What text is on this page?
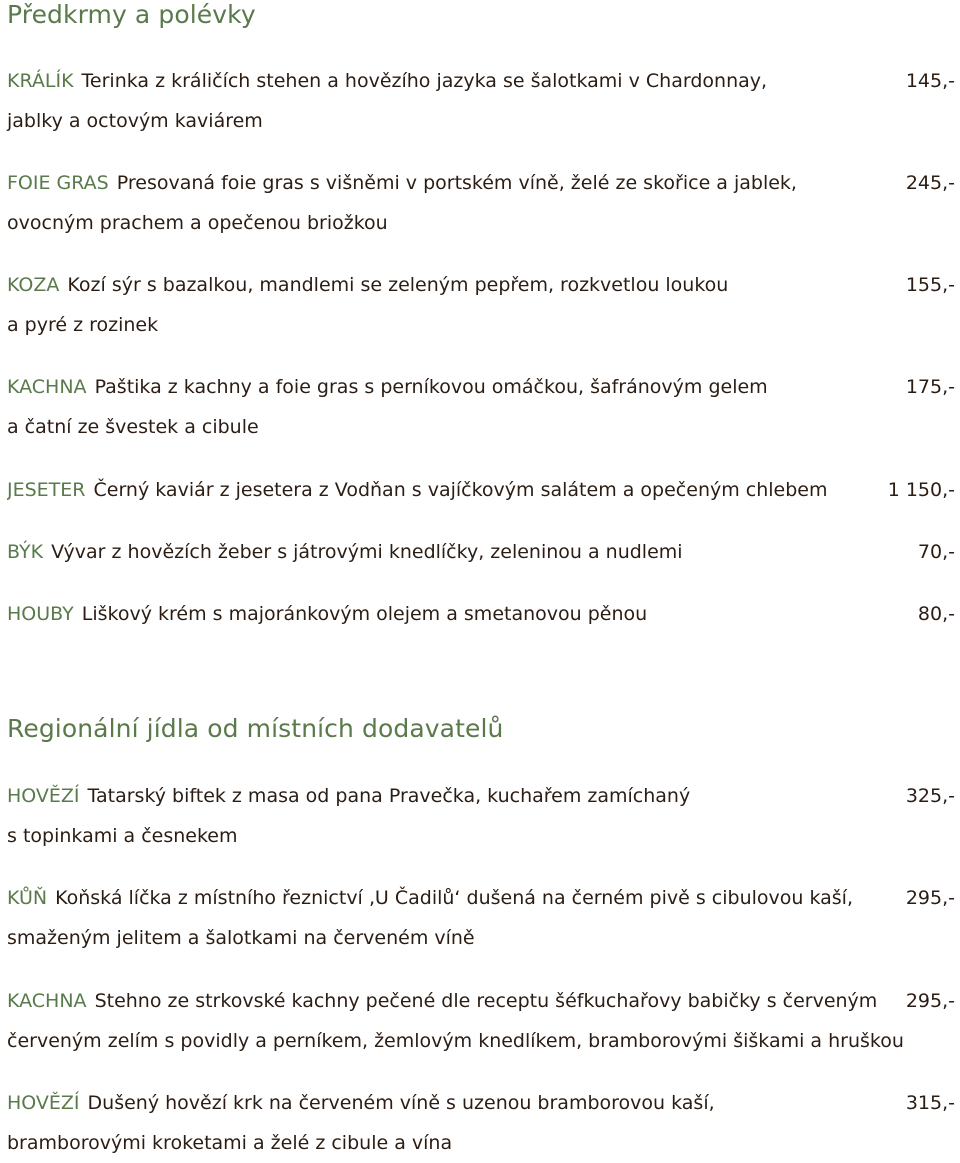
Předkrmy a polévky
KRÁLÍK Terinka z králičích stehen a hovězího jazyka se šalotkami v Chardonnay,	145,-
jablky a octovým kaviárem
FOIE GRAS Presovaná foie gras s višněmi v portském víně, želé ze skořice a jablek,	245,-
ovocným prachem a opečenou briožkou
KOZA Kozí sýr s bazalkou, mandlemi se zeleným pepřem, rozkvetlou loukou	155,-
a pyré z rozinek
KACHNA Paštika z kachny a foie gras s perníkovou omáčkou, šafránovým gelem	175,-
a čatní ze švestek a cibule
JESETER Černý kaviár z jesetera z Vodňan s vajíčkovým salátem a opečeným chlebem	1 150,-
BÝK Vývar z hovězích žeber s játrovými knedlíčky, zeleninou a nudlemi	70,-
HOUBY Liškový krém s majoránkovým olejem a smetanovou pěnou	80,-
Regionální jídla od místních dodavatelů
HOVĚZÍ Tatarský biftek z masa od pana Pravečka, kuchařem zamíchaný	325,-
s topinkami a česnekem
KŮŇ Koňská líčka z místního řeznictví ‚U Čadilů‘ dušená na černém pivě s cibulovou kaší,	295,-
smaženým jelitem a šalotkami na červeném víně
KACHNA Stehno ze strkovské kachny pečené dle receptu šéfkuchařovy babičky s červeným	295,-
červeným zelím s povidly a perníkem, žemlovým knedlíkem, bramborovými šiškami a hruškou
HOVĚZÍ Dušený hovězí krk na červeném víně s uzenou bramborovou kaší,	315,-
bramborovými kroketami a želé z cibule a vína
